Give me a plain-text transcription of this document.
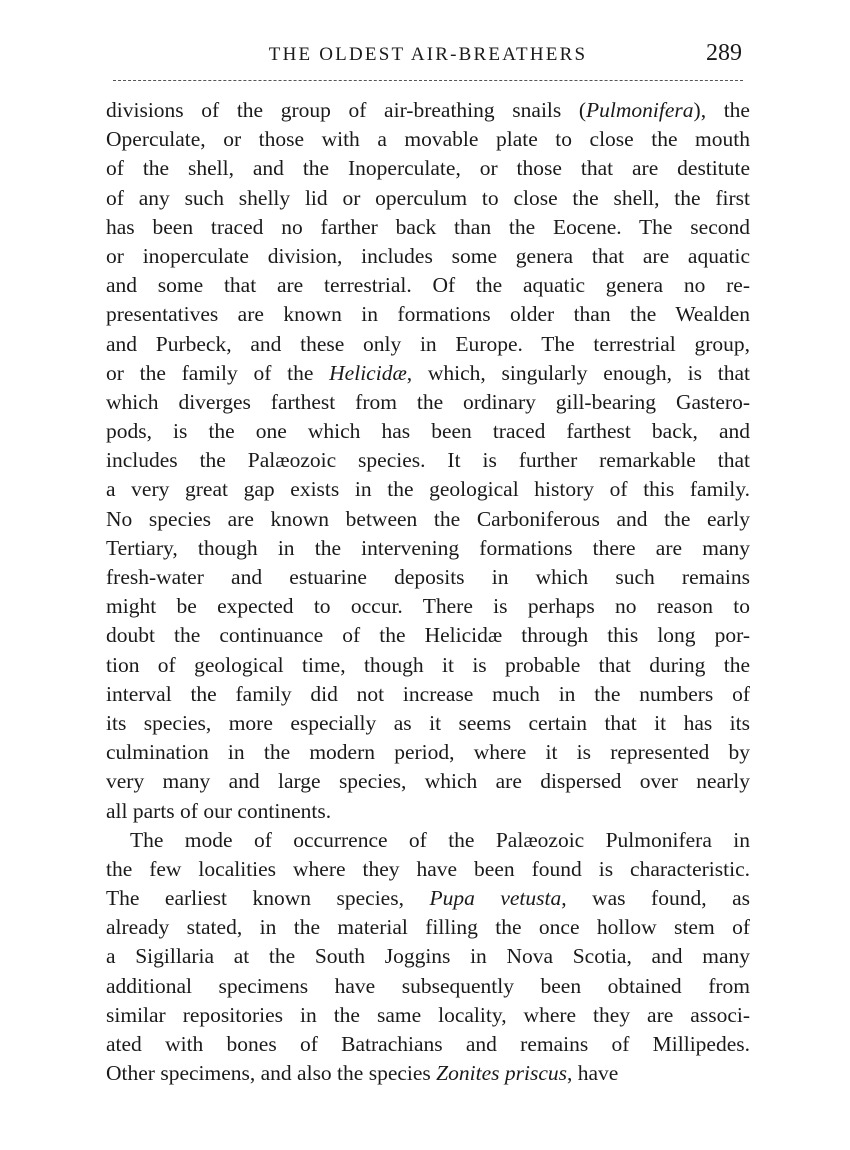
THE OLDEST AIR-BREATHERS	289

divisions of the group of air-breathing snails (Pulmonifera), the
Operculate, or those with a movable plate to close the mouth
of the shell, and the Inoperculate, or those that are destitute
of any such shelly lid or operculum to close the shell, the first
has been traced no farther back than the Eocene. The second
or inoperculate division, includes some genera that are aquatic
and some that are terrestrial. Of the aquatic genera no re-
presentatives are known in formations older than the Wealden
and Purbeck, and these only in Europe. The terrestrial group,
or the family of the Helicidæ, which, singularly enough, is that
which diverges farthest from the ordinary gill-bearing Gastero-
pods, is the one which has been traced farthest back, and
includes the Palæozoic species. It is further remarkable that
a very great gap exists in the geological history of this family.
No species are known between the Carboniferous and the early
Tertiary, though in the intervening formations there are many
fresh-water and estuarine deposits in which such remains
might be expected to occur. There is perhaps no reason to
doubt the continuance of the Helicidæ through this long por-
tion of geological time, though it is probable that during the
interval the family did not increase much in the numbers of
its species, more especially as it seems certain that it has its
culmination in the modern period, where it is represented by
very many and large species, which are dispersed over nearly
all parts of our continents.

The mode of occurrence of the Palæozoic Pulmonifera in
the few localities where they have been found is characteristic.
The earliest known species, Pupa vetusta, was found, as
already stated, in the material filling the once hollow stem of
a Sigillaria at the South Joggins in Nova Scotia, and many
additional specimens have subsequently been obtained from
similar repositories in the same locality, where they are associ-
ated with bones of Batrachians and remains of Millipedes.
Other specimens, and also the species Zonites priscus, have
